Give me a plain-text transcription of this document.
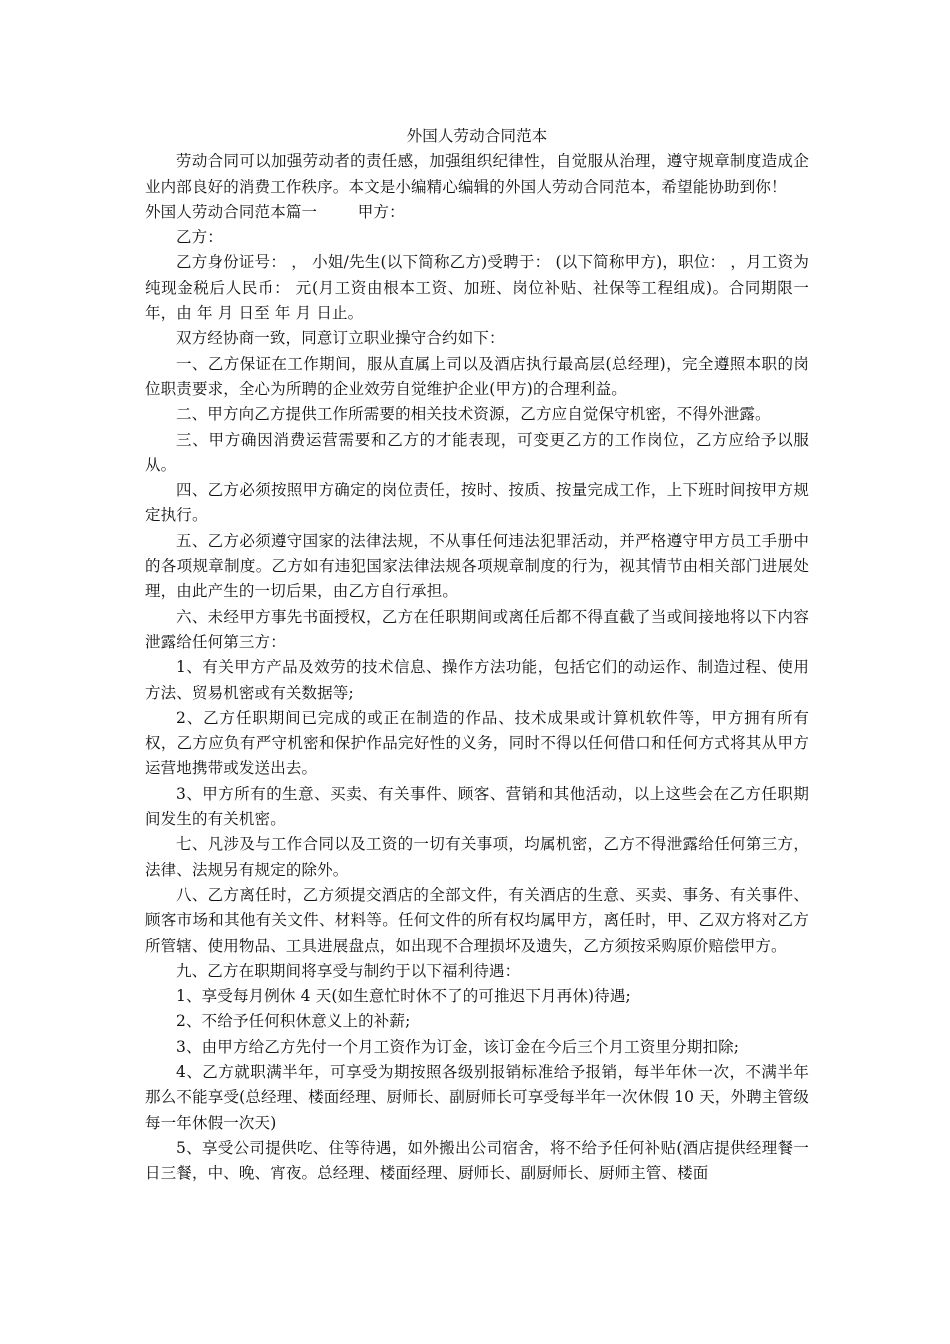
外国人劳动合同范本

劳动合同可以加强劳动者的责任感，加强组织纪律性，自觉服从治理，遵守规章制度造成企业内部良好的消费工作秩序。本文是小编精心编辑的外国人劳动合同范本，希望能协助到你！

外国人劳动合同范本篇一        甲方：

乙方：

乙方身份证号： ， 小姐/先生(以下简称乙方)受聘于： (以下简称甲方)，职位： ，月工资为纯现金税后人民币： 元(月工资由根本工资、加班、岗位补贴、社保等工程组成)。合同期限一年，由 年 月 日至 年 月 日止。

双方经协商一致，同意订立职业操守合约如下：

一、乙方保证在工作期间，服从直属上司以及酒店执行最高层(总经理)，完全遵照本职的岗位职责要求，全心为所聘的企业效劳自觉维护企业(甲方)的合理利益。

二、甲方向乙方提供工作所需要的相关技术资源，乙方应自觉保守机密，不得外泄露。

三、甲方确因消费运营需要和乙方的才能表现，可变更乙方的工作岗位，乙方应给予以服从。

四、乙方必须按照甲方确定的岗位责任，按时、按质、按量完成工作，上下班时间按甲方规定执行。

五、乙方必须遵守国家的法律法规，不从事任何违法犯罪活动，并严格遵守甲方员工手册中的各项规章制度。乙方如有违犯国家法律法规各项规章制度的行为，视其情节由相关部门进展处理，由此产生的一切后果，由乙方自行承担。

六、未经甲方事先书面授权，乙方在任职期间或离任后都不得直截了当或间接地将以下内容泄露给任何第三方：

1、有关甲方产品及效劳的技术信息、操作方法功能，包括它们的动运作、制造过程、使用方法、贸易机密或有关数据等;

2、乙方任职期间已完成的或正在制造的作品、技术成果或计算机软件等，甲方拥有所有权，乙方应负有严守机密和保护作品完好性的义务，同时不得以任何借口和任何方式将其从甲方运营地携带或发送出去。

3、甲方所有的生意、买卖、有关事件、顾客、营销和其他活动，以上这些会在乙方任职期间发生的有关机密。

七、凡涉及与工作合同以及工资的一切有关事项，均属机密，乙方不得泄露给任何第三方，法律、法规另有规定的除外。

八、乙方离任时，乙方须提交酒店的全部文件，有关酒店的生意、买卖、事务、有关事件、顾客市场和其他有关文件、材料等。任何文件的所有权均属甲方，离任时，甲、乙双方将对乙方所管辖、使用物品、工具进展盘点，如出现不合理损坏及遗失，乙方须按采购原价赔偿甲方。

九、乙方在职期间将享受与制约于以下福利待遇：

1、享受每月例休 4 天(如生意忙时休不了的可推迟下月再休)待遇;

2、不给予任何积休意义上的补薪;

3、由甲方给乙方先付一个月工资作为订金，该订金在今后三个月工资里分期扣除;

4、乙方就职满半年，可享受为期按照各级别报销标准给予报销，每半年休一次，不满半年那么不能享受(总经理、楼面经理、厨师长、副厨师长可享受每半年一次休假 10 天，外聘主管级每一年休假一次天)

5、享受公司提供吃、住等待遇，如外搬出公司宿舍，将不给予任何补贴(酒店提供经理餐一日三餐，中、晚、宵夜。总经理、楼面经理、厨师长、副厨师长、厨师主管、楼面
